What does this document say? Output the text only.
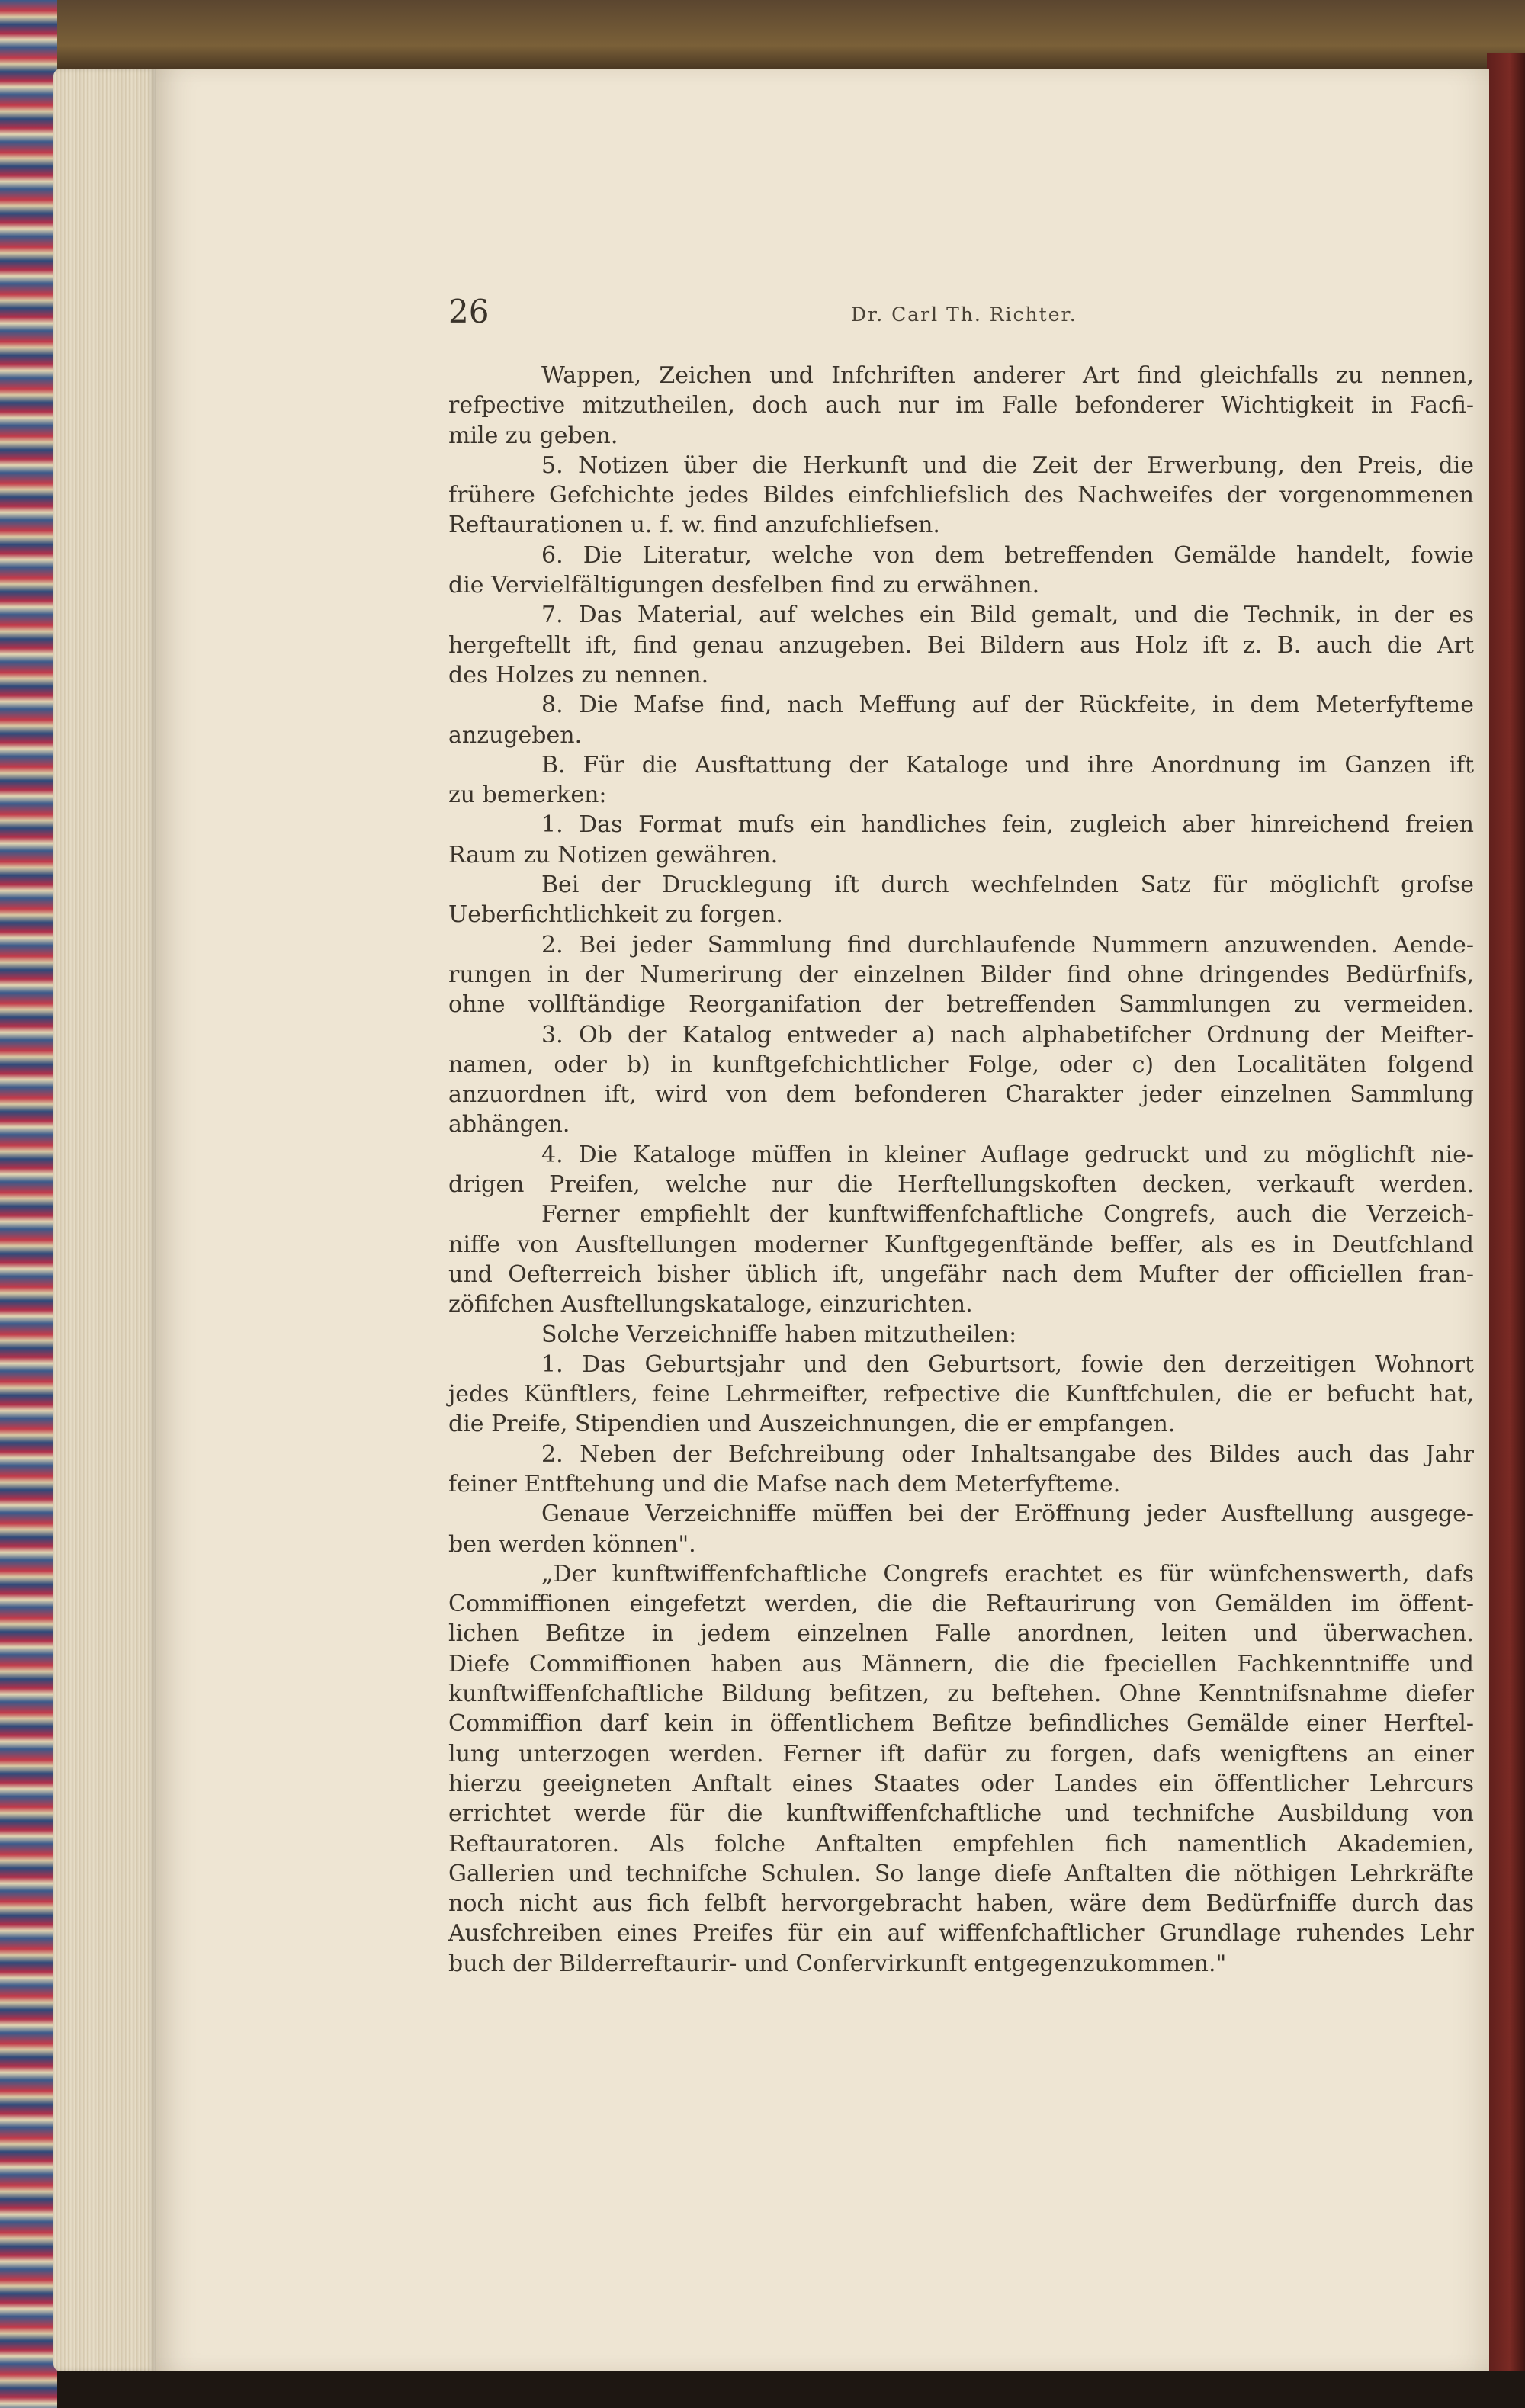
26	Dr. Carl Th. Richter.
Wappen, Zeichen und Infchriften anderer Art find gleichfalls zu nennen,
refpective mitzutheilen, doch auch nur im Falle befonderer Wichtigkeit in Facfi-
mile zu geben.
5. Notizen über die Herkunft und die Zeit der Erwerbung, den Preis, die
frühere Gefchichte jedes Bildes einfchliefslich des Nachweifes der vorgenommenen
Reftaurationen u. f. w. find anzufchliefsen.
6. Die Literatur, welche von dem betreffenden Gemälde handelt, fowie
die Vervielfältigungen desfelben find zu erwähnen.
7. Das Material, auf welches ein Bild gemalt, und die Technik, in der es
hergeftellt ift, find genau anzugeben. Bei Bildern aus Holz ift z. B. auch die Art
des Holzes zu nennen.
8. Die Mafse find, nach Meffung auf der Rückfeite, in dem Meterfyfteme
anzugeben.
B. Für die Ausftattung der Kataloge und ihre Anordnung im Ganzen ift
zu bemerken:
1. Das Format mufs ein handliches fein, zugleich aber hinreichend freien
Raum zu Notizen gewähren.
Bei der Drucklegung ift durch wechfelnden Satz für möglichft grofse
Ueberfichtlichkeit zu forgen.
2. Bei jeder Sammlung find durchlaufende Nummern anzuwenden. Aende-
rungen in der Numerirung der einzelnen Bilder find ohne dringendes Bedürfnifs,
ohne vollftändige Reorganifation der betreffenden Sammlungen zu vermeiden.
3. Ob der Katalog entweder a) nach alphabetifcher Ordnung der Meifter-
namen, oder b) in kunftgefchichtlicher Folge, oder c) den Localitäten folgend
anzuordnen ift, wird von dem befonderen Charakter jeder einzelnen Sammlung
abhängen.
4. Die Kataloge müffen in kleiner Auflage gedruckt und zu möglichft nie-
drigen Preifen, welche nur die Herftellungskoften decken, verkauft werden.
Ferner empfiehlt der kunftwiffenfchaftliche Congrefs, auch die Verzeich-
niffe von Ausftellungen moderner Kunftgegenftände beffer, als es in Deutfchland
und Oefterreich bisher üblich ift, ungefähr nach dem Mufter der officiellen fran-
zöfifchen Ausftellungskataloge, einzurichten.
Solche Verzeichniffe haben mitzutheilen:
1. Das Geburtsjahr und den Geburtsort, fowie den derzeitigen Wohnort
jedes Künftlers, feine Lehrmeifter, refpective die Kunftfchulen, die er befucht hat,
die Preife, Stipendien und Auszeichnungen, die er empfangen.
2. Neben der Befchreibung oder Inhaltsangabe des Bildes auch das Jahr
feiner Entftehung und die Mafse nach dem Meterfyfteme.
Genaue Verzeichniffe müffen bei der Eröffnung jeder Ausftellung ausgege-
ben werden können".
„Der kunftwiffenfchaftliche Congrefs erachtet es für wünfchenswerth, dafs
Commiffionen eingefetzt werden, die die Reftaurirung von Gemälden im öffent-
lichen Befitze in jedem einzelnen Falle anordnen, leiten und überwachen.
Diefe Commiffionen haben aus Männern, die die fpeciellen Fachkenntniffe und
kunftwiffenfchaftliche Bildung befitzen, zu beftehen. Ohne Kenntnifsnahme diefer
Commiffion darf kein in öffentlichem Befitze befindliches Gemälde einer Herftel-
lung unterzogen werden. Ferner ift dafür zu forgen, dafs wenigftens an einer
hierzu geeigneten Anftalt eines Staates oder Landes ein öffentlicher Lehrcurs
errichtet werde für die kunftwiffenfchaftliche und technifche Ausbildung von
Reftauratoren. Als folche Anftalten empfehlen fich namentlich Akademien,
Gallerien und technifche Schulen. So lange diefe Anftalten die nöthigen Lehrkräfte
noch nicht aus fich felbft hervorgebracht haben, wäre dem Bedürfniffe durch das
Ausfchreiben eines Preifes für ein auf wiffenfchaftlicher Grundlage ruhendes Lehr
buch der Bilderreftaurir- und Confervirkunft entgegenzukommen."
